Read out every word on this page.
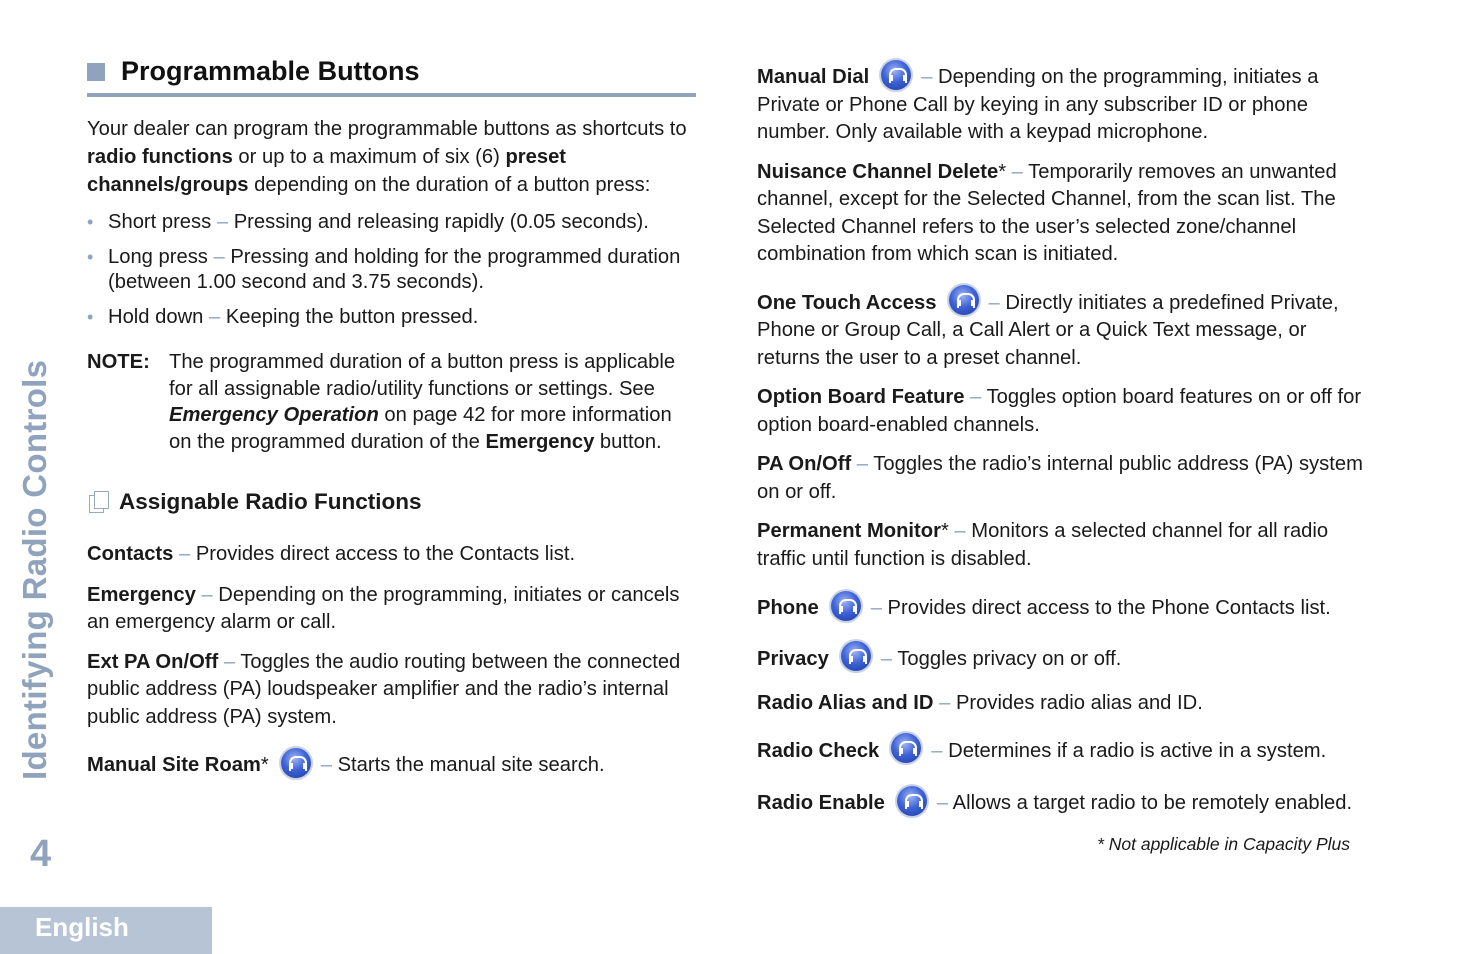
Identifying Radio Controls
4
English
Programmable Buttons

Your dealer can program the programmable buttons as shortcuts to radio functions or up to a maximum of six (6) preset channels/groups depending on the duration of a button press:

• Short press – Pressing and releasing rapidly (0.05 seconds).
• Long press – Pressing and holding for the programmed duration (between 1.00 second and 3.75 seconds).
• Hold down – Keeping the button pressed.
NOTE: The programmed duration of a button press is applicable for all assignable radio/utility functions or settings. See Emergency Operation on page 42 for more information on the programmed duration of the Emergency button.
Assignable Radio Functions

Contacts – Provides direct access to the Contacts list.

Emergency – Depending on the programming, initiates or cancels an emergency alarm or call.

Ext PA On/Off – Toggles the audio routing between the connected public address (PA) loudspeaker amplifier and the radio’s internal public address (PA) system.

Manual Site Roam*	– Starts the manual site search.

Manual Dial	– Depending on the programming, initiates a Private or Phone Call by keying in any subscriber ID or phone number. Only available with a keypad microphone.

Nuisance Channel Delete* – Temporarily removes an unwanted channel, except for the Selected Channel, from the scan list. The Selected Channel refers to the user’s selected zone/channel combination from which scan is initiated.

One Touch Access	– Directly initiates a predefined Private, Phone or Group Call, a Call Alert or a Quick Text message, or returns the user to a preset channel.

Option Board Feature – Toggles option board features on or off for option board-enabled channels.

PA On/Off – Toggles the radio’s internal public address (PA) system on or off.

Permanent Monitor* – Monitors a selected channel for all radio traffic until function is disabled.

Phone	– Provides direct access to the Phone Contacts list.

Privacy	– Toggles privacy on or off.

Radio Alias and ID – Provides radio alias and ID.

Radio Check	– Determines if a radio is active in a system.

Radio Enable	– Allows a target radio to be remotely enabled.

* Not applicable in Capacity Plus
